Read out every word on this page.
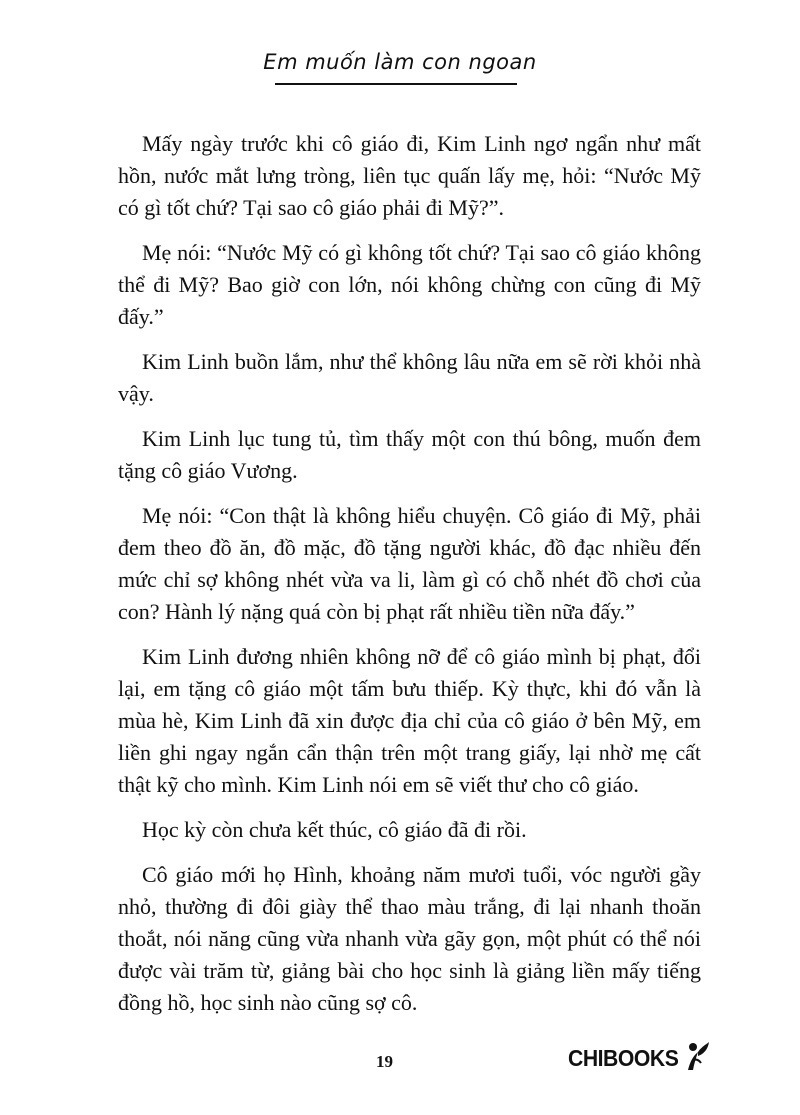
Em muốn làm con ngoan

Mấy ngày trước khi cô giáo đi, Kim Linh ngơ ngẩn như mất hồn, nước mắt lưng tròng, liên tục quấn lấy mẹ, hỏi: “Nước Mỹ có gì tốt chứ? Tại sao cô giáo phải đi Mỹ?”.

Mẹ nói: “Nước Mỹ có gì không tốt chứ? Tại sao cô giáo không thể đi Mỹ? Bao giờ con lớn, nói không chừng con cũng đi Mỹ đấy.”

Kim Linh buồn lắm, như thể không lâu nữa em sẽ rời khỏi nhà vậy.

Kim Linh lục tung tủ, tìm thấy một con thú bông, muốn đem tặng cô giáo Vương.

Mẹ nói: “Con thật là không hiểu chuyện. Cô giáo đi Mỹ, phải đem theo đồ ăn, đồ mặc, đồ tặng người khác, đồ đạc nhiều đến mức chỉ sợ không nhét vừa va li, làm gì có chỗ nhét đồ chơi của con? Hành lý nặng quá còn bị phạt rất nhiều tiền nữa đấy.”

Kim Linh đương nhiên không nỡ để cô giáo mình bị phạt, đổi lại, em tặng cô giáo một tấm bưu thiếp. Kỳ thực, khi đó vẫn là mùa hè, Kim Linh đã xin được địa chỉ của cô giáo ở bên Mỹ, em liền ghi ngay ngắn cẩn thận trên một trang giấy, lại nhờ mẹ cất thật kỹ cho mình. Kim Linh nói em sẽ viết thư cho cô giáo.

Học kỳ còn chưa kết thúc, cô giáo đã đi rồi.

Cô giáo mới họ Hình, khoảng năm mươi tuổi, vóc người gầy nhỏ, thường đi đôi giày thể thao màu trắng, đi lại nhanh thoăn thoắt, nói năng cũng vừa nhanh vừa gãy gọn, một phút có thể nói được vài trăm từ, giảng bài cho học sinh là giảng liền mấy tiếng đồng hồ, học sinh nào cũng sợ cô.

19	CHIBOOKS
